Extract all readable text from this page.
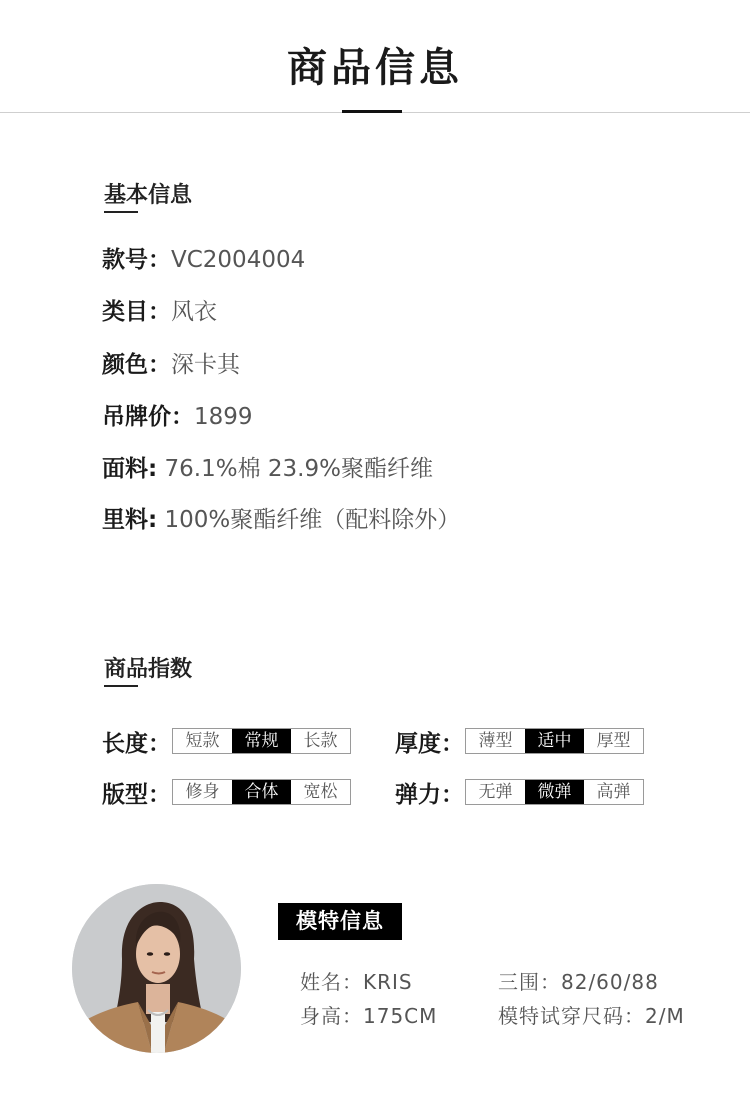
商品信息
基本信息
款号：VC2004004
类目：风衣
颜色：深卡其
吊牌价：1899
面料: 76.1%棉 23.9%聚酯纤维
里料: 100%聚酯纤维（配料除外）
商品指数
长度： 短款	常规	长款	厚度： 薄型	适中	厚型
版型： 修身	合体	宽松	弹力： 无弹	微弹	高弹
模特信息
姓名：KRIS	三围：82/60/88
身高：175CM	模特试穿尺码：2/M
